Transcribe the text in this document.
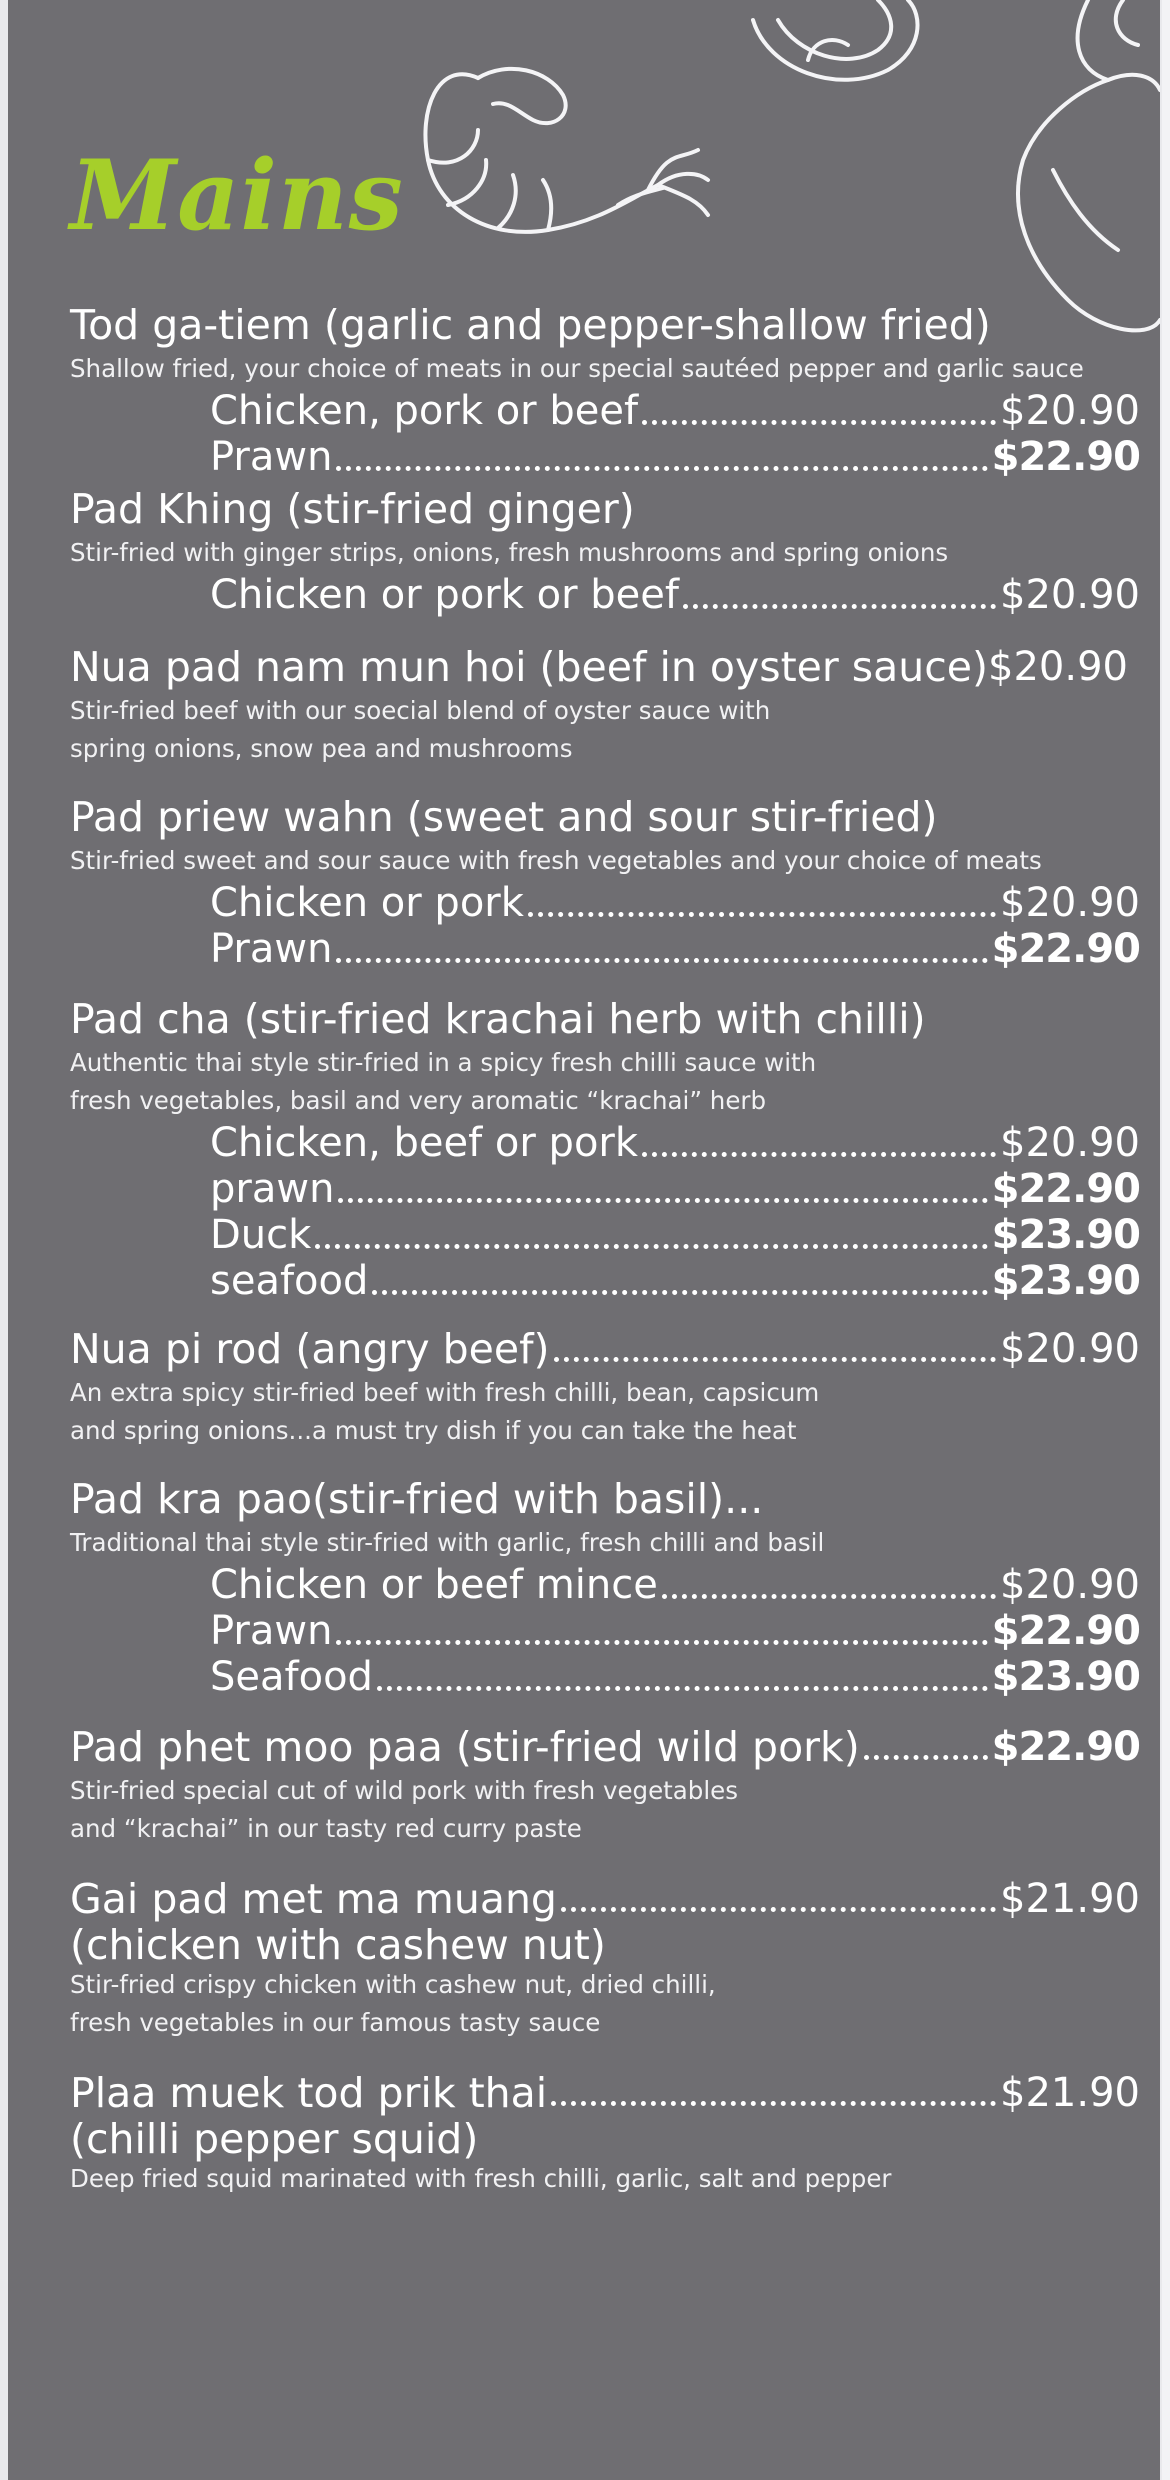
Mains
Tod ga-tiem (garlic and pepper-shallow fried)

Shallow fried, your choice of meats in our special sautéed pepper and garlic sauce

Chicken, pork or beef	$20.90
Prawn	$22.90
Pad Khing (stir-fried ginger)

Stir-fried with ginger strips, onions, fresh mushrooms and spring onions

Chicken or pork or beef	$20.90
Nua pad nam mun hoi (beef in oyster sauce) $20.90

Stir-fried beef with our soecial blend of oyster sauce with

spring onions, snow pea and mushrooms

Pad priew wahn (sweet and sour stir-fried)

Stir-fried sweet and sour sauce with fresh vegetables and your choice of meats

Chicken or pork	$20.90
Prawn	$22.90
Pad cha (stir-fried krachai herb with chilli)

Authentic thai style stir-fried in a spicy fresh chilli sauce with

fresh vegetables, basil and very aromatic “krachai” herb

Chicken, beef or pork	$20.90
prawn	$22.90
Duck	$23.90
seafood	$23.90
Nua pi rod (angry beef)	$20.90

An extra spicy stir-fried beef with fresh chilli, bean, capsicum

and spring onions...a must try dish if you can take the heat

Pad kra pao(stir-fried with basil)...

Traditional thai style stir-fried with garlic, fresh chilli and basil

Chicken or beef mince	$20.90
Prawn	$22.90
Seafood	$23.90
Pad phet moo paa (stir-fried wild pork)	$22.90

Stir-fried special cut of wild pork with fresh vegetables

and “krachai” in our tasty red curry paste

Gai pad met ma muang	$21.90

(chicken with cashew nut)

Stir-fried crispy chicken with cashew nut, dried chilli,

fresh vegetables in our famous tasty sauce

Plaa muek tod prik thai	$21.90

(chilli pepper squid)

Deep fried squid marinated with fresh chilli, garlic, salt and pepper
